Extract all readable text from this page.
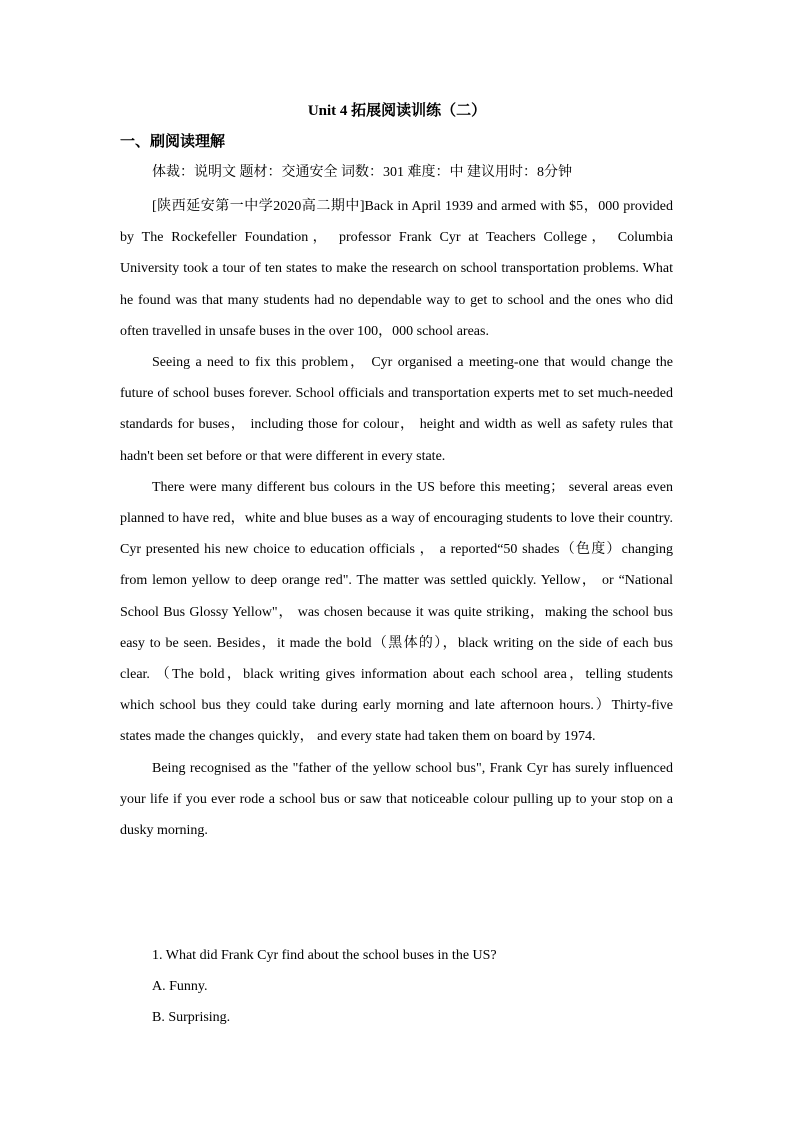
Unit 4 拓展阅读训练（二）
一、刷阅读理解
体裁：说明文 题材：交通安全 词数：301 难度：中 建议用时：8分钟

[陕西延安第一中学2020高二期中]Back in April 1939 and armed with $5，000 provided by The Rockefeller Foundation， professor Frank Cyr at Teachers College， Columbia University took a tour of ten states to make the research on school transportation problems. What he found was that many students had no dependable way to get to school and the ones who did often travelled in unsafe buses in the over 100，000 school areas.

Seeing a need to fix this problem， Cyr organised a meeting-one that would change the future of school buses forever. School officials and transportation experts met to set much-needed standards for buses， including those for colour， height and width as well as safety rules that hadn't been set before or that were different in every state.

There were many different bus colours in the US before this meeting； several areas even planned to have red，white and blue buses as a way of encouraging students to love their country. Cyr presented his new choice to education officials ， a reported“50 shades（色度）changing from lemon yellow to deep orange red". The matter was settled quickly. Yellow， or “National School Bus Glossy Yellow"， was chosen because it was quite striking，making the school bus easy to be seen. Besides，it made the bold（黑体的），black writing on the side of each bus clear. （The bold，black writing gives information about each school area，telling students which school bus they could take during early morning and late afternoon hours.）Thirty-five states made the changes quickly， and every state had taken them on board by 1974.

Being recognised as the "father of the yellow school bus", Frank Cyr has surely influenced your life if you ever rode a school bus or saw that noticeable colour pulling up to your stop on a dusky morning.

1. What did Frank Cyr find about the school buses in the US?
A. Funny.
B. Surprising.
